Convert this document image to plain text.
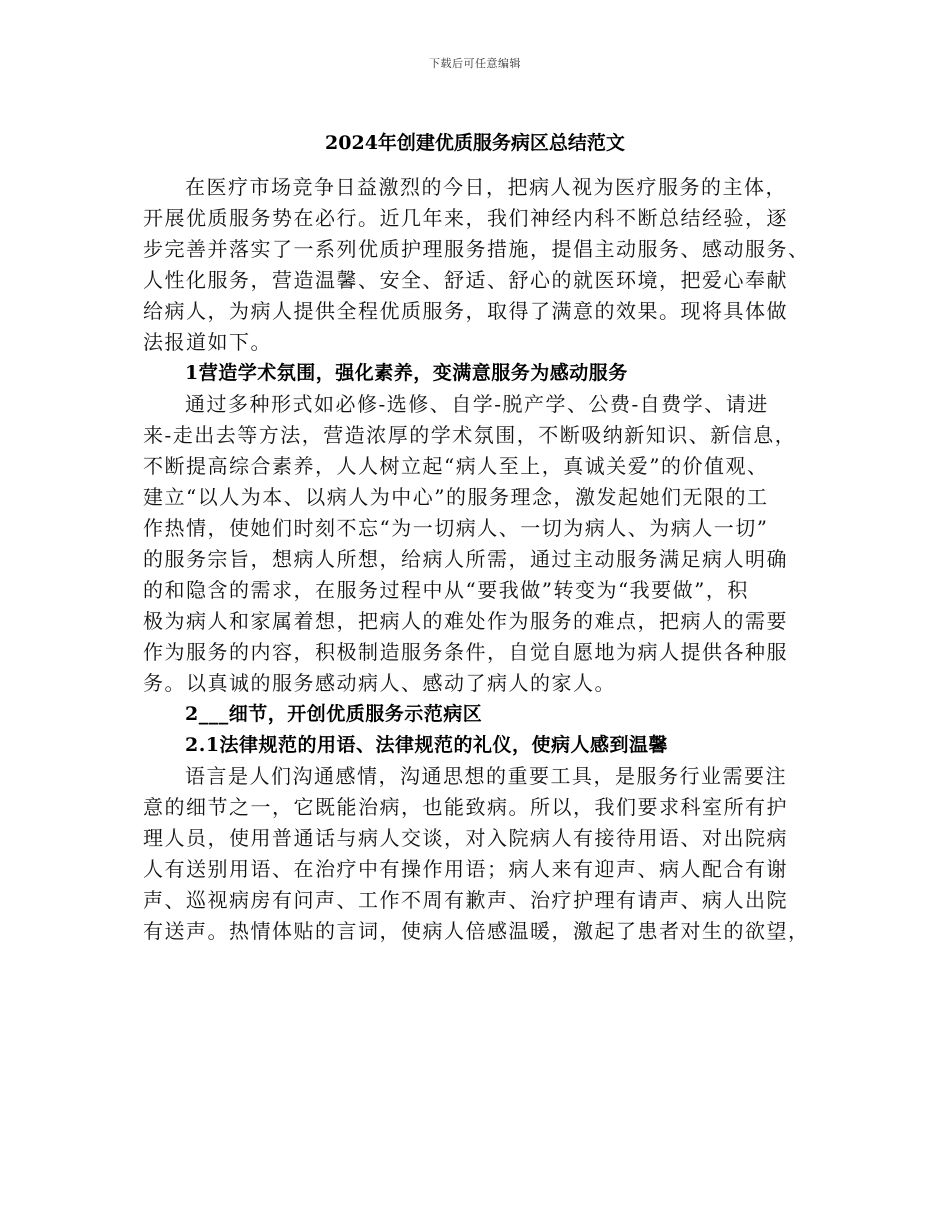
下载后可任意编辑
2024年创建优质服务病区总结范文
在医疗市场竞争日益激烈的今日，把病人视为医疗服务的主体，
开展优质服务势在必行。近几年来，我们神经内科不断总结经验，逐
步完善并落实了一系列优质护理服务措施，提倡主动服务、感动服务、
人性化服务，营造温馨、安全、舒适、舒心的就医环境，把爱心奉献
给病人，为病人提供全程优质服务，取得了满意的效果。现将具体做
法报道如下。
1营造学术氛围，强化素养，变满意服务为感动服务
通过多种形式如必修-选修、自学-脱产学、公费-自费学、请进
来-走出去等方法，营造浓厚的学术氛围，不断吸纳新知识、新信息，
不断提高综合素养，人人树立起“病人至上，真诚关爱”的价值观、
建立“以人为本、以病人为中心”的服务理念，激发起她们无限的工
作热情，使她们时刻不忘“为一切病人、一切为病人、为病人一切”
的服务宗旨，想病人所想，给病人所需，通过主动服务满足病人明确
的和隐含的需求，在服务过程中从“要我做”转变为“我要做”，积
极为病人和家属着想，把病人的难处作为服务的难点，把病人的需要
作为服务的内容，积极制造服务条件，自觉自愿地为病人提供各种服
务。以真诚的服务感动病人、感动了病人的家人。
2___细节，开创优质服务示范病区
2.1法律规范的用语、法律规范的礼仪，使病人感到温馨
语言是人们沟通感情，沟通思想的重要工具，是服务行业需要注
意的细节之一，它既能治病，也能致病。所以，我们要求科室所有护
理人员，使用普通话与病人交谈，对入院病人有接待用语、对出院病
人有送别用语、在治疗中有操作用语；病人来有迎声、病人配合有谢
声、巡视病房有问声、工作不周有歉声、治疗护理有请声、病人出院
有送声。热情体贴的言词，使病人倍感温暖，激起了患者对生的欲望，
